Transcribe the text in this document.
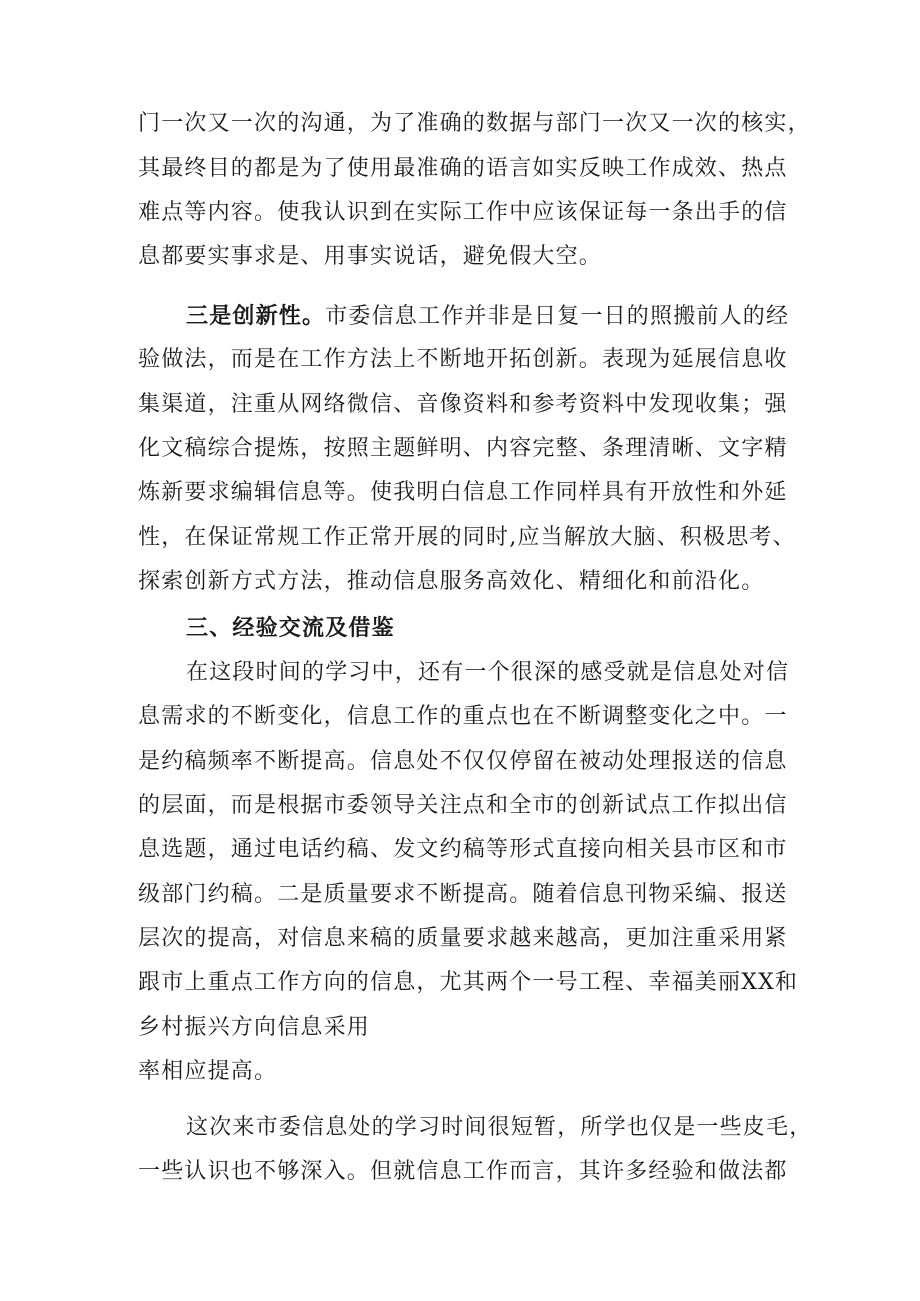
门一次又一次的沟通，为了准确的数据与部门一次又一次的核实，
其最终目的都是为了使用最准确的语言如实反映工作成效、热点
难点等内容。使我认识到在实际工作中应该保证每一条出手的信
息都要实事求是、用事实说话，避免假大空。
三是创新性。市委信息工作并非是日复一日的照搬前人的经
验做法，而是在工作方法上不断地开拓创新。表现为延展信息收
集渠道，注重从网络微信、音像资料和参考资料中发现收集；强
化文稿综合提炼，按照主题鲜明、内容完整、条理清晰、文字精
炼新要求编辑信息等。使我明白信息工作同样具有开放性和外延
性，在保证常规工作正常开展的同时,应当解放大脑、积极思考、
探索创新方式方法，推动信息服务高效化、精细化和前沿化。
三、经验交流及借鉴
在这段时间的学习中，还有一个很深的感受就是信息处对信
息需求的不断变化，信息工作的重点也在不断调整变化之中。一
是约稿频率不断提高。信息处不仅仅停留在被动处理报送的信息
的层面，而是根据市委领导关注点和全市的创新试点工作拟出信
息选题，通过电话约稿、发文约稿等形式直接向相关县市区和市
级部门约稿。二是质量要求不断提高。随着信息刊物采编、报送
层次的提高，对信息来稿的质量要求越来越高，更加注重采用紧
跟市上重点工作方向的信息，尤其两个一号工程、幸福美丽XX和
乡村振兴方向信息采用
率相应提高。
这次来市委信息处的学习时间很短暂，所学也仅是一些皮毛，
一些认识也不够深入。但就信息工作而言，其许多经验和做法都
